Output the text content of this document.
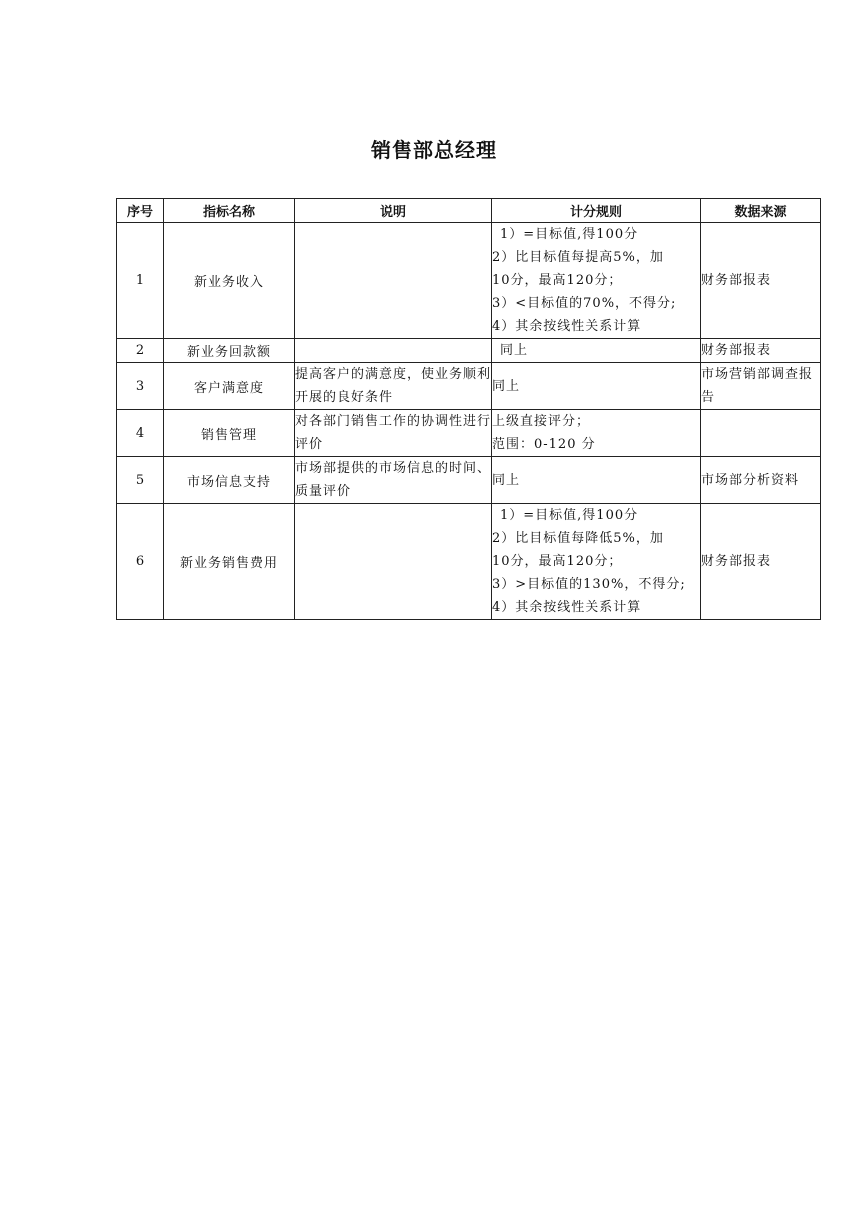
销售部总经理
序号	指标名称	说明	计分规则	数据来源
1	新业务收入		1）=目标值,得100分
2）比目标值每提高5%，加
10分，最高120分；
3）<目标值的70%，不得分;
4）其余按线性关系计算	财务部报表
2	新业务回款额		同上	财务部报表
3	客户满意度	提高客户的满意度，使业务顺利开展的良好条件	同上	市场营销部调查报告
4	销售管理	对各部门销售工作的协调性进行评价	上级直接评分；
范围：0-120 分	

5	市场信息支持	市场部提供的市场信息的时间、质量评价	同上	市场部分析资料
6	新业务销售费用		1）=目标值,得100分
2）比目标值每降低5%，加
10分，最高120分；
3）>目标值的130%，不得分;
4）其余按线性关系计算	财务部报表
